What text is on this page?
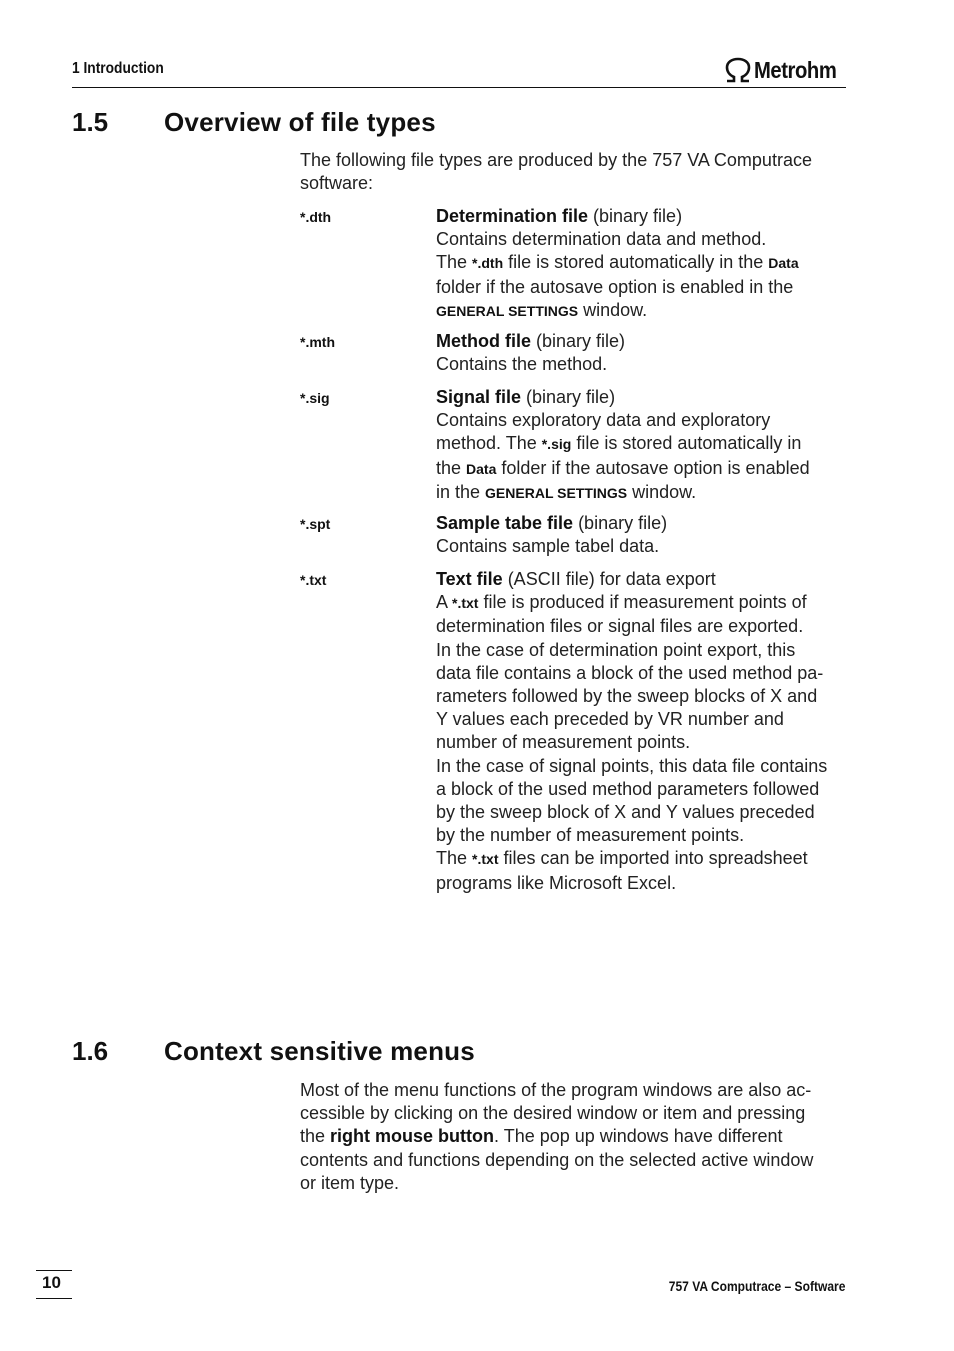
1 Introduction	Metrohm
1.5 Overview of file types
The following file types are produced by the 757 VA Computrace
software:
*.dth	Determination file (binary file)
Contains determination data and method.
The *.dth file is stored automatically in the Data
folder if the autosave option is enabled in the
GENERAL SETTINGS window.
*.mth	Method file (binary file)
Contains the method.
*.sig	Signal file (binary file)
Contains exploratory data and exploratory
method. The *.sig file is stored automatically in
the Data folder if the autosave option is enabled
in the GENERAL SETTINGS window.
*.spt	Sample tabe file (binary file)
Contains sample tabel data.
*.txt	Text file (ASCII file) for data export
A *.txt file is produced if measurement points of
determination files or signal files are exported.
In the case of determination point export, this
data file contains a block of the used method pa-
rameters followed by the sweep blocks of X and
Y values each preceded by VR number and
number of measurement points.
In the case of signal points, this data file contains
a block of the used method parameters followed
by the sweep block of X and Y values preceded
by the number of measurement points.
The *.txt files can be imported into spreadsheet
programs like Microsoft Excel.
1.6 Context sensitive menus
Most of the menu functions of the program windows are also ac-
cessible by clicking on the desired window or item and pressing
the right mouse button. The pop up windows have different
contents and functions depending on the selected active window
or item type.
10	757 VA Computrace – Software
